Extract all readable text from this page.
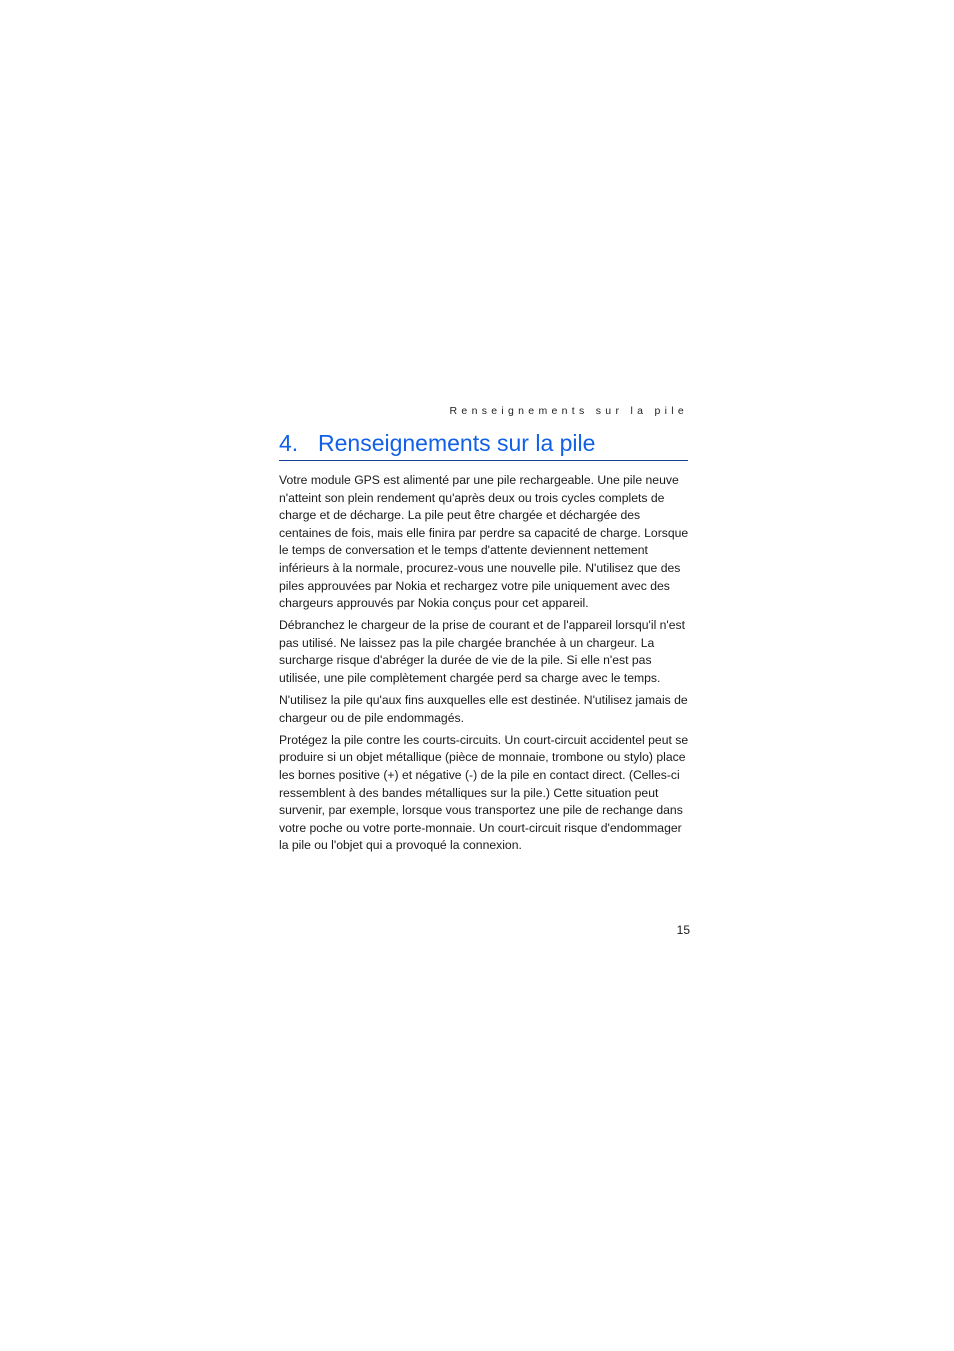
Renseignements sur la pile
4. Renseignements sur la pile

Votre module GPS est alimenté par une pile rechargeable. Une pile neuve n'atteint son plein rendement qu'après deux ou trois cycles complets de charge et de décharge. La pile peut être chargée et déchargée des centaines de fois, mais elle finira par perdre sa capacité de charge. Lorsque le temps de conversation et le temps d'attente deviennent nettement inférieurs à la normale, procurez-vous une nouvelle pile. N'utilisez que des piles approuvées par Nokia et rechargez votre pile uniquement avec des chargeurs approuvés par Nokia conçus pour cet appareil.

Débranchez le chargeur de la prise de courant et de l'appareil lorsqu'il n'est pas utilisé. Ne laissez pas la pile chargée branchée à un chargeur. La surcharge risque d'abréger la durée de vie de la pile. Si elle n'est pas utilisée, une pile complètement chargée perd sa charge avec le temps.

N'utilisez la pile qu'aux fins auxquelles elle est destinée. N'utilisez jamais de chargeur ou de pile endommagés.

Protégez la pile contre les courts-circuits. Un court-circuit accidentel peut se produire si un objet métallique (pièce de monnaie, trombone ou stylo) place les bornes positive (+) et négative (-) de la pile en contact direct. (Celles-ci ressemblent à des bandes métalliques sur la pile.) Cette situation peut survenir, par exemple, lorsque vous transportez une pile de rechange dans votre poche ou votre porte-monnaie. Un court-circuit risque d'endommager la pile ou l'objet qui a provoqué la connexion.

15
